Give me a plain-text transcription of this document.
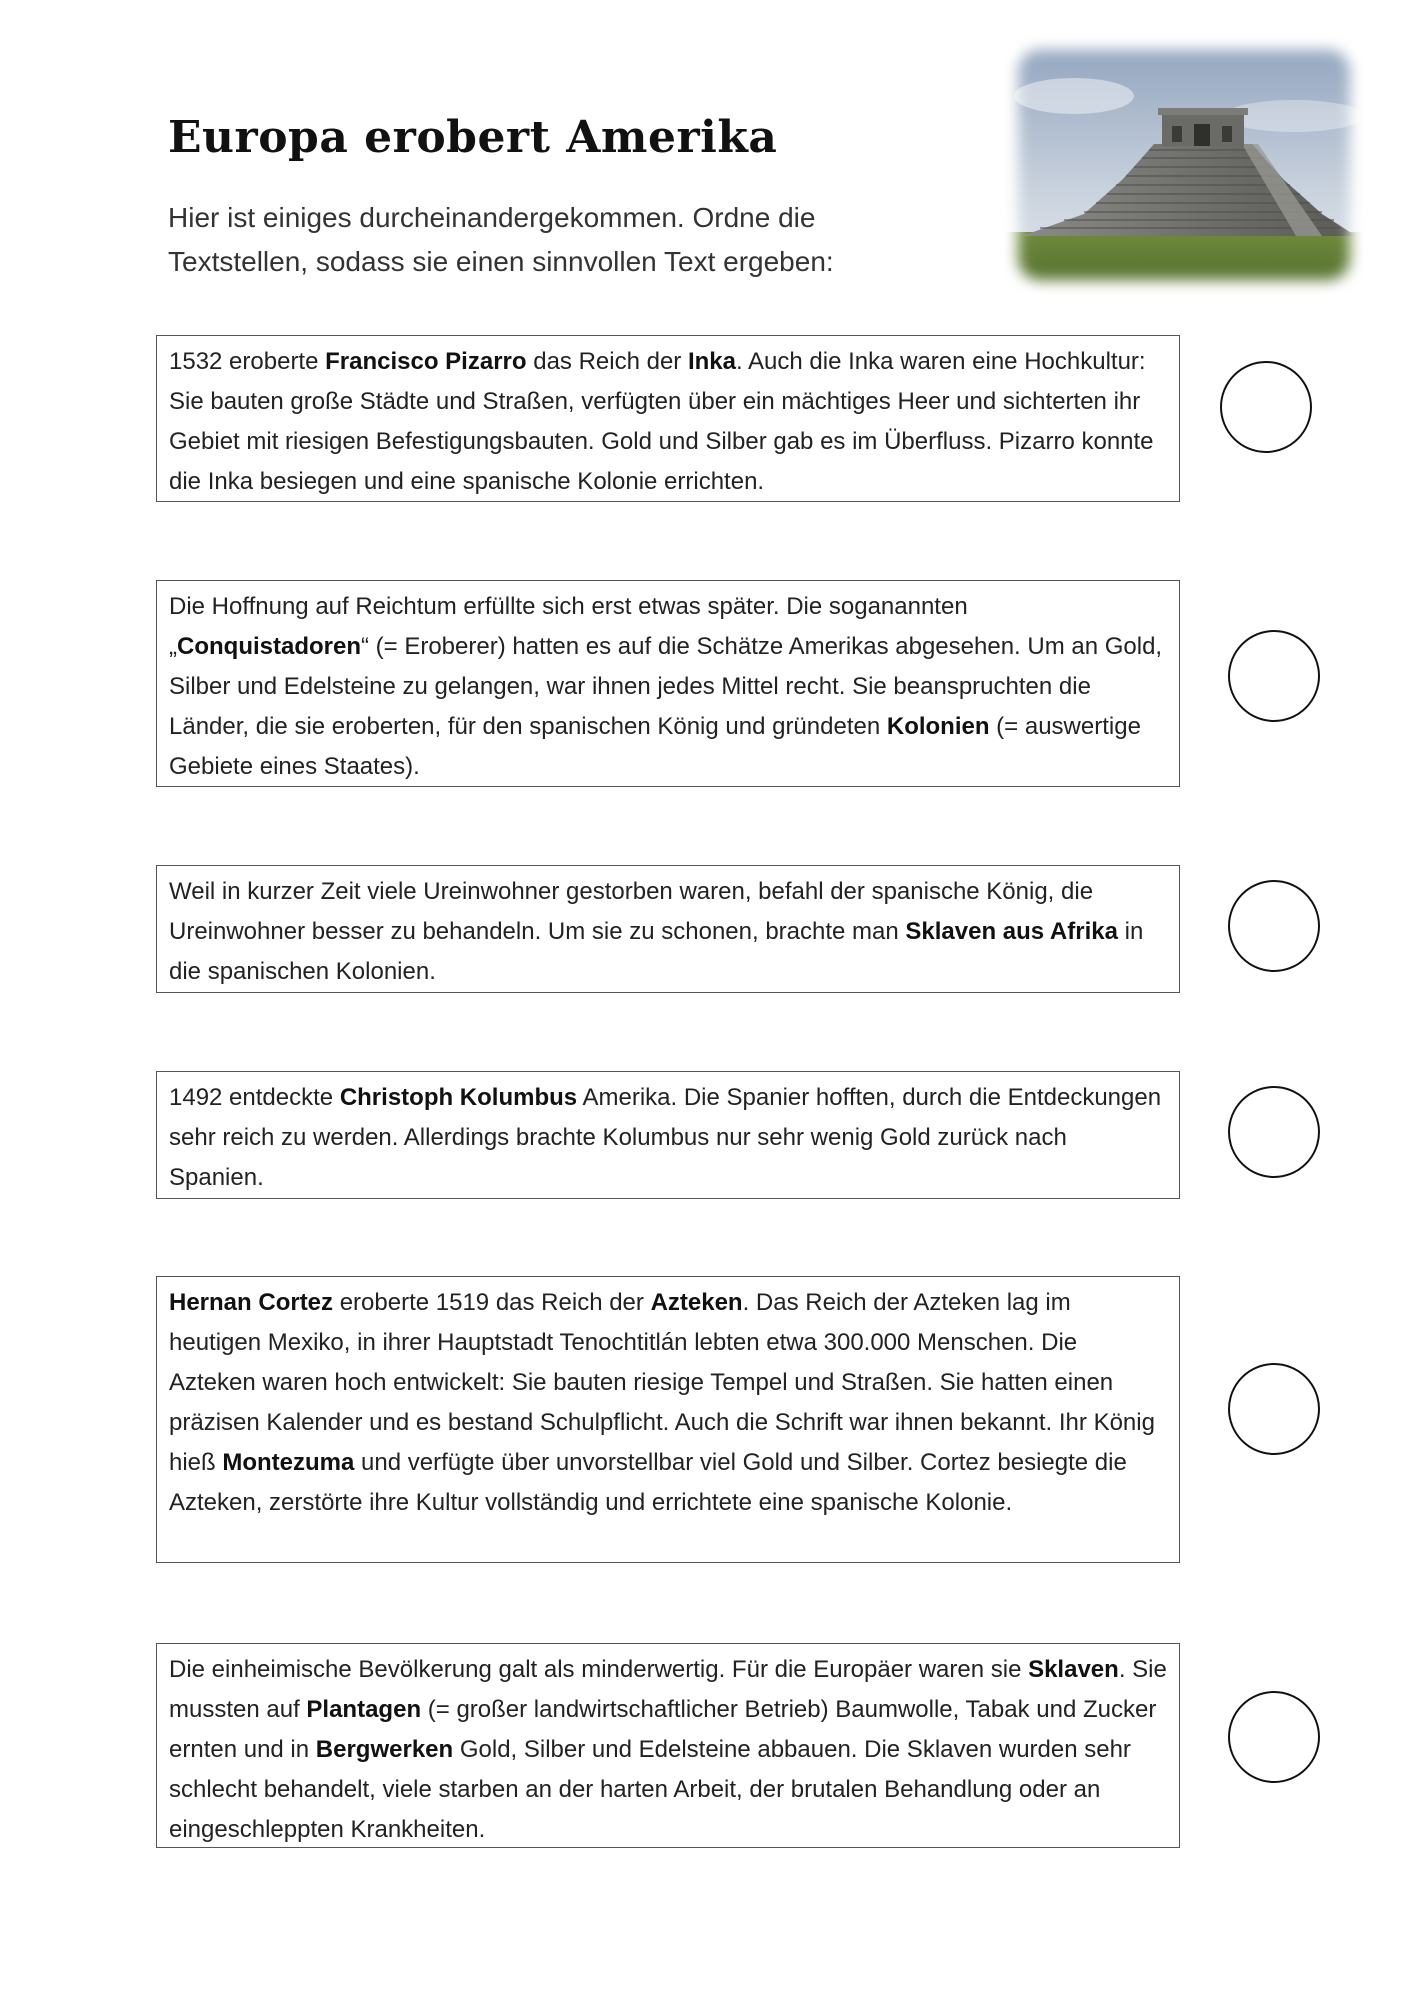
Europa erobert Amerika

Hier ist einiges durcheinandergekommen. Ordne die Textstellen, sodass sie einen sinnvollen Text ergeben:

1532 eroberte Francisco Pizarro das Reich der Inka. Auch die Inka waren eine Hochkultur: Sie bauten große Städte und Straßen, verfügten über ein mächtiges Heer und sichterten ihr Gebiet mit riesigen Befestigungsbauten. Gold und Silber gab es im Überfluss. Pizarro konnte die Inka besiegen und eine spanische Kolonie errichten.

Die Hoffnung auf Reichtum erfüllte sich erst etwas später. Die soganannten „Conquistadoren“ (= Eroberer) hatten es auf die Schätze Amerikas abgesehen. Um an Gold, Silber und Edelsteine zu gelangen, war ihnen jedes Mittel recht. Sie beanspruchten die Länder, die sie eroberten, für den spanischen König und gründeten Kolonien (= auswertige Gebiete eines Staates).

Weil in kurzer Zeit viele Ureinwohner gestorben waren, befahl der spanische König, die Ureinwohner besser zu behandeln. Um sie zu schonen, brachte man Sklaven aus Afrika in die spanischen Kolonien.

1492 entdeckte Christoph Kolumbus Amerika. Die Spanier hofften, durch die Entdeckungen sehr reich zu werden. Allerdings brachte Kolumbus nur sehr wenig Gold zurück nach Spanien.

Hernan Cortez eroberte 1519 das Reich der Azteken. Das Reich der Azteken lag im heutigen Mexiko, in ihrer Hauptstadt Tenochtitlán lebten etwa 300.000 Menschen. Die Azteken waren hoch entwickelt: Sie bauten riesige Tempel und Straßen. Sie hatten einen präzisen Kalender und es bestand Schulpflicht. Auch die Schrift war ihnen bekannt. Ihr König hieß Montezuma und verfügte über unvorstellbar viel Gold und Silber. Cortez besiegte die Azteken, zerstörte ihre Kultur vollständig und errichtete eine spanische Kolonie.

Die einheimische Bevölkerung galt als minderwertig. Für die Europäer waren sie Sklaven. Sie mussten auf Plantagen (= großer landwirtschaftlicher Betrieb) Baumwolle, Tabak und Zucker ernten und in Bergwerken Gold, Silber und Edelsteine abbauen. Die Sklaven wurden sehr schlecht behandelt, viele starben an der harten Arbeit, der brutalen Behandlung oder an eingeschleppten Krankheiten.
